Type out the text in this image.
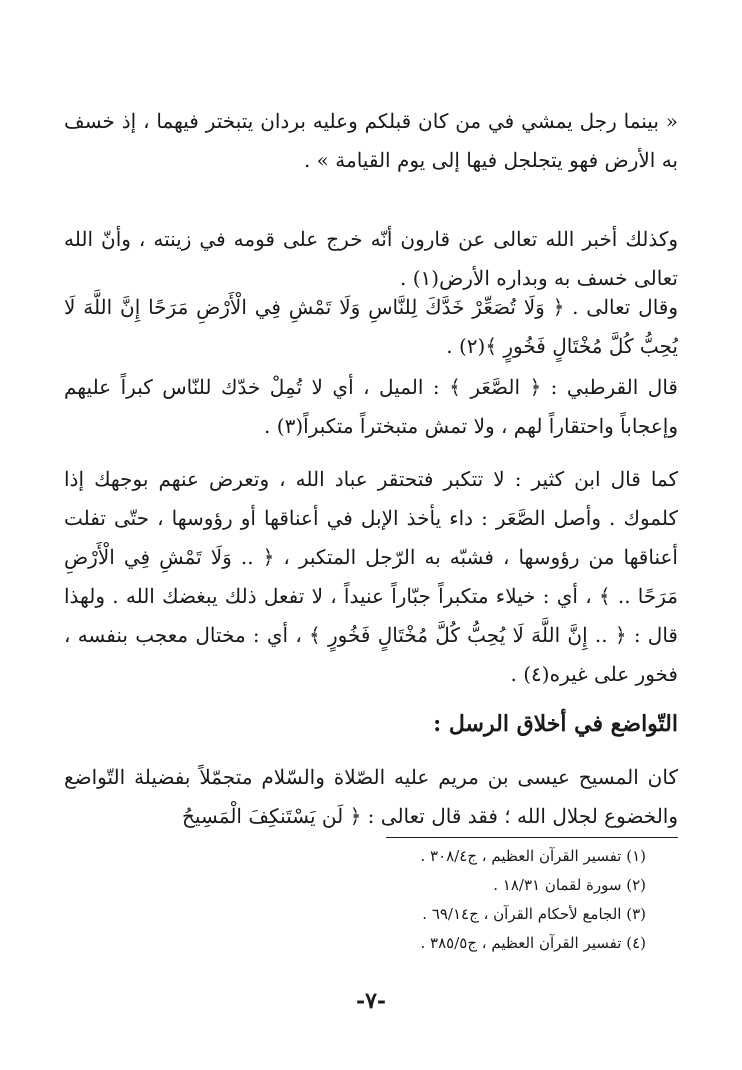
« بينما رجل يمشي في من كان قبلكم وعليه بردان يتبختر فيهما ، إذ خسف به الأرض فهو يتجلجل فيها إلى يوم القيامة » .

وكذلك أخبر الله تعالى عن قارون أنّه خرج على قومه في زينته ، وأنّ الله تعالى خسف به وبداره الأرض(١) .

وقال تعالى . ﴿ وَلَا تُصَعِّرْ خَدَّكَ لِلنَّاسِ وَلَا تَمْشِ فِي الْأَرْضِ مَرَحًا إِنَّ اللَّهَ لَا يُحِبُّ كُلَّ مُخْتَالٍ فَخُورٍ ﴾(٢) .

قال القرطبي : ﴿ الصَّعَر ﴾ : الميل ، أي لا تُمِلْ خدّك للنّاس كبراً عليهم وإعجاباً واحتقاراً لهم ، ولا تمش متبختراً متكبراً(٣) .

كما قال ابن كثير : لا تتكبر فتحتقر عباد الله ، وتعرض عنهم بوجهك إذا كلموك . وأصل الصَّعَر : داء يأخذ الإبل في أعناقها أو رؤوسها ، حتّى تفلت أعناقها من رؤوسها ، فشبّه به الرّجل المتكبر ، ﴿ .. وَلَا تَمْشِ فِي الْأَرْضِ مَرَحًا .. ﴾ ، أي : خيلاء متكبراً جبّاراً عنيداً ، لا تفعل ذلك يبغضك الله . ولهذا قال : ﴿ .. إِنَّ اللَّهَ لَا يُحِبُّ كُلَّ مُخْتَالٍ فَخُورٍ ﴾ ، أي : مختال معجب بنفسه ، فخور على غيره(٤) .

التّواضع في أخلاق الرسل :

كان المسيح عيسى بن مريم عليه الصّلاة والسّلام متجمّلاً بفضيلة التّواضع والخضوع لجلال الله ؛ فقد قال تعالى : ﴿ لَن يَسْتَنكِفَ الْمَسِيحُ

(١) تفسير القرآن العظيم ، ج٣٠٨/٤ .
(٢) سورة لقمان ١٨/٣١ .
(٣) الجامع لأحكام القرآن ، ج٦٩/١٤ .
(٤) تفسير القرآن العظيم ، ج٣٨٥/٥ .
-٧-
